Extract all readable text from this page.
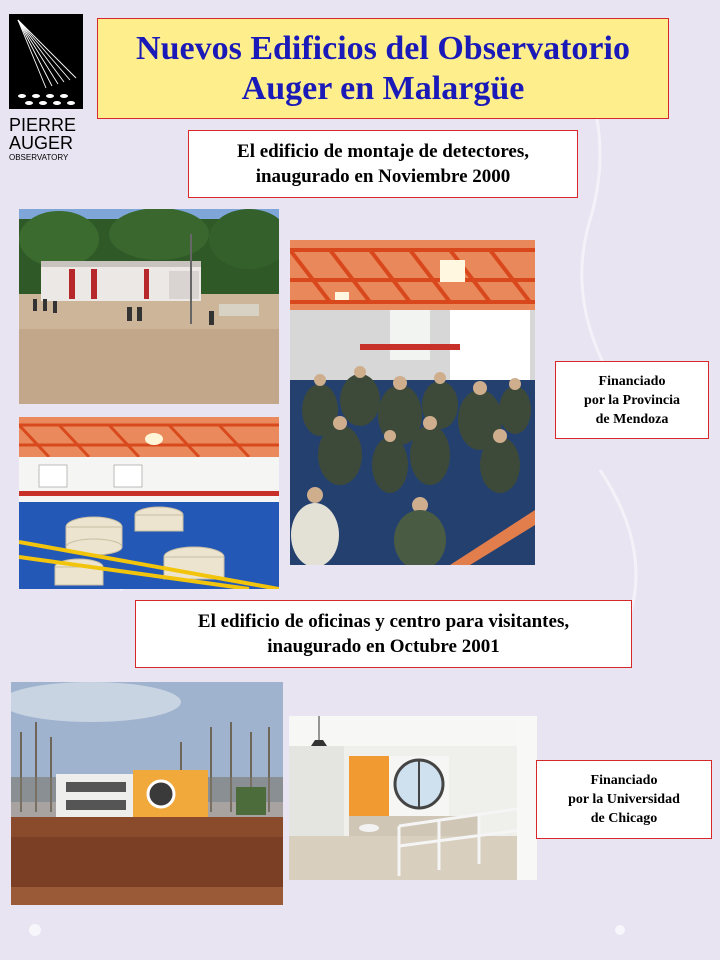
PIERRE
AUGER
OBSERVATORY
Nuevos Edificios del Observatorio
Auger en Malargüe
El edificio de montaje de detectores,
inaugurado en Noviembre 2000
Financiado
por la Provincia
de Mendoza
El edificio de oficinas y centro para visitantes,
inaugurado en Octubre 2001
Financiado
por la Universidad
de Chicago
